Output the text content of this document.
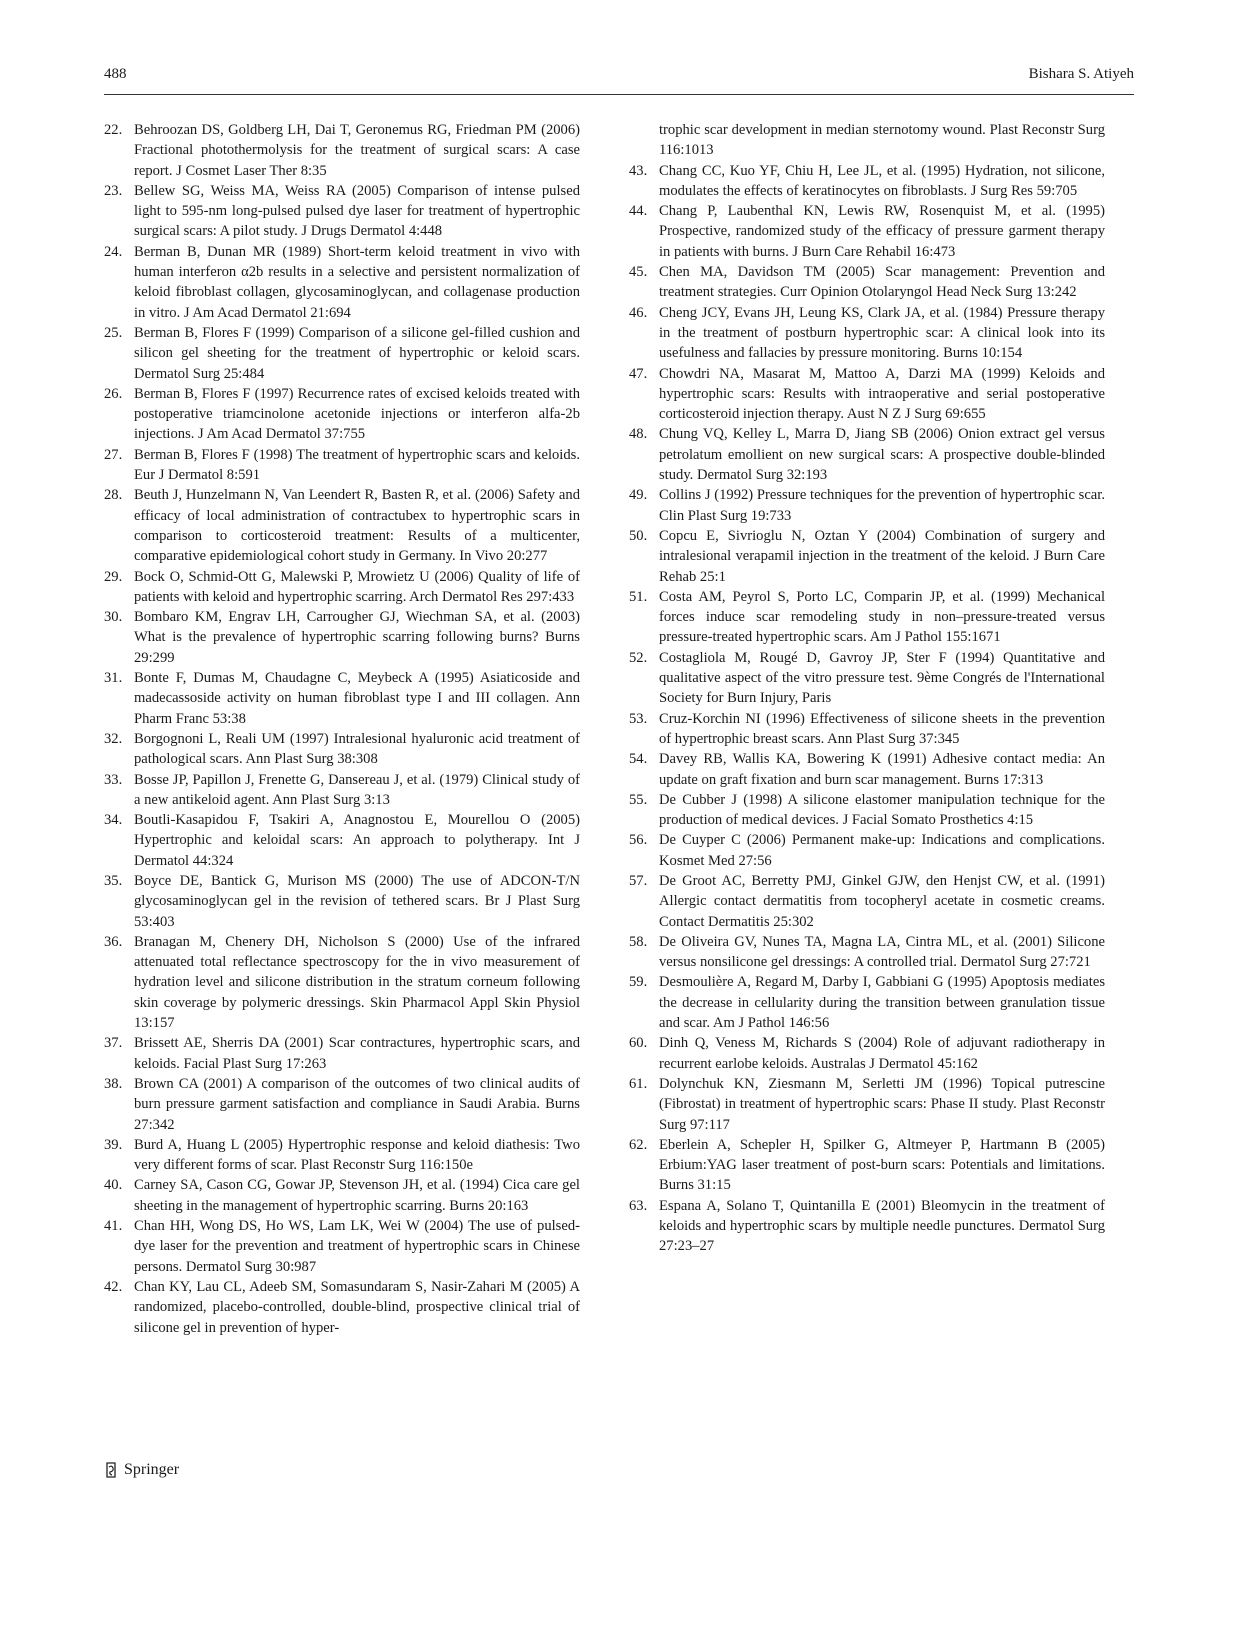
488	Bishara S. Atiyeh
22. Behroozan DS, Goldberg LH, Dai T, Geronemus RG, Friedman PM (2006) Fractional photothermolysis for the treatment of surgical scars: A case report. J Cosmet Laser Ther 8:35
23. Bellew SG, Weiss MA, Weiss RA (2005) Comparison of intense pulsed light to 595-nm long-pulsed pulsed dye laser for treatment of hypertrophic surgical scars: A pilot study. J Drugs Dermatol 4:448
24. Berman B, Dunan MR (1989) Short-term keloid treatment in vivo with human interferon α2b results in a selective and persistent normalization of keloid fibroblast collagen, glycosaminoglycan, and collagenase production in vitro. J Am Acad Dermatol 21:694
25. Berman B, Flores F (1999) Comparison of a silicone gel-filled cushion and silicon gel sheeting for the treatment of hypertrophic or keloid scars. Dermatol Surg 25:484
26. Berman B, Flores F (1997) Recurrence rates of excised keloids treated with postoperative triamcinolone acetonide injections or interferon alfa-2b injections. J Am Acad Dermatol 37:755
27. Berman B, Flores F (1998) The treatment of hypertrophic scars and keloids. Eur J Dermatol 8:591
28. Beuth J, Hunzelmann N, Van Leendert R, Basten R, et al. (2006) Safety and efficacy of local administration of contractubex to hypertrophic scars in comparison to corticosteroid treatment: Results of a multicenter, comparative epidemiological cohort study in Germany. In Vivo 20:277
29. Bock O, Schmid-Ott G, Malewski P, Mrowietz U (2006) Quality of life of patients with keloid and hypertrophic scarring. Arch Dermatol Res 297:433
30. Bombaro KM, Engrav LH, Carrougher GJ, Wiechman SA, et al. (2003) What is the prevalence of hypertrophic scarring following burns? Burns 29:299
31. Bonte F, Dumas M, Chaudagne C, Meybeck A (1995) Asiaticoside and madecassoside activity on human fibroblast type I and III collagen. Ann Pharm Franc 53:38
32. Borgognoni L, Reali UM (1997) Intralesional hyaluronic acid treatment of pathological scars. Ann Plast Surg 38:308
33. Bosse JP, Papillon J, Frenette G, Dansereau J, et al. (1979) Clinical study of a new antikeloid agent. Ann Plast Surg 3:13
34. Boutli-Kasapidou F, Tsakiri A, Anagnostou E, Mourellou O (2005) Hypertrophic and keloidal scars: An approach to polytherapy. Int J Dermatol 44:324
35. Boyce DE, Bantick G, Murison MS (2000) The use of ADCON-T/N glycosaminoglycan gel in the revision of tethered scars. Br J Plast Surg 53:403
36. Branagan M, Chenery DH, Nicholson S (2000) Use of the infrared attenuated total reflectance spectroscopy for the in vivo measurement of hydration level and silicone distribution in the stratum corneum following skin coverage by polymeric dressings. Skin Pharmacol Appl Skin Physiol 13:157
37. Brissett AE, Sherris DA (2001) Scar contractures, hypertrophic scars, and keloids. Facial Plast Surg 17:263
38. Brown CA (2001) A comparison of the outcomes of two clinical audits of burn pressure garment satisfaction and compliance in Saudi Arabia. Burns 27:342
39. Burd A, Huang L (2005) Hypertrophic response and keloid diathesis: Two very different forms of scar. Plast Reconstr Surg 116:150e
40. Carney SA, Cason CG, Gowar JP, Stevenson JH, et al. (1994) Cica care gel sheeting in the management of hypertrophic scarring. Burns 20:163
41. Chan HH, Wong DS, Ho WS, Lam LK, Wei W (2004) The use of pulsed-dye laser for the prevention and treatment of hypertrophic scars in Chinese persons. Dermatol Surg 30:987
42. Chan KY, Lau CL, Adeeb SM, Somasundaram S, Nasir-Zahari M (2005) A randomized, placebo-controlled, double-blind, prospective clinical trial of silicone gel in prevention of hyper-
trophic scar development in median sternotomy wound. Plast Reconstr Surg 116:1013
43. Chang CC, Kuo YF, Chiu H, Lee JL, et al. (1995) Hydration, not silicone, modulates the effects of keratinocytes on fibroblasts. J Surg Res 59:705
44. Chang P, Laubenthal KN, Lewis RW, Rosenquist M, et al. (1995) Prospective, randomized study of the efficacy of pressure garment therapy in patients with burns. J Burn Care Rehabil 16:473
45. Chen MA, Davidson TM (2005) Scar management: Prevention and treatment strategies. Curr Opinion Otolaryngol Head Neck Surg 13:242
46. Cheng JCY, Evans JH, Leung KS, Clark JA, et al. (1984) Pressure therapy in the treatment of postburn hypertrophic scar: A clinical look into its usefulness and fallacies by pressure monitoring. Burns 10:154
47. Chowdri NA, Masarat M, Mattoo A, Darzi MA (1999) Keloids and hypertrophic scars: Results with intraoperative and serial postoperative corticosteroid injection therapy. Aust N Z J Surg 69:655
48. Chung VQ, Kelley L, Marra D, Jiang SB (2006) Onion extract gel versus petrolatum emollient on new surgical scars: A prospective double-blinded study. Dermatol Surg 32:193
49. Collins J (1992) Pressure techniques for the prevention of hypertrophic scar. Clin Plast Surg 19:733
50. Copcu E, Sivrioglu N, Oztan Y (2004) Combination of surgery and intralesional verapamil injection in the treatment of the keloid. J Burn Care Rehab 25:1
51. Costa AM, Peyrol S, Porto LC, Comparin JP, et al. (1999) Mechanical forces induce scar remodeling study in non–pressure-treated versus pressure-treated hypertrophic scars. Am J Pathol 155:1671
52. Costagliola M, Rougé D, Gavroy JP, Ster F (1994) Quantitative and qualitative aspect of the vitro pressure test. 9ème Congrés de l'International Society for Burn Injury, Paris
53. Cruz-Korchin NI (1996) Effectiveness of silicone sheets in the prevention of hypertrophic breast scars. Ann Plast Surg 37:345
54. Davey RB, Wallis KA, Bowering K (1991) Adhesive contact media: An update on graft fixation and burn scar management. Burns 17:313
55. De Cubber J (1998) A silicone elastomer manipulation technique for the production of medical devices. J Facial Somato Prosthetics 4:15
56. De Cuyper C (2006) Permanent make-up: Indications and complications. Kosmet Med 27:56
57. De Groot AC, Berretty PMJ, Ginkel GJW, den Henjst CW, et al. (1991) Allergic contact dermatitis from tocopheryl acetate in cosmetic creams. Contact Dermatitis 25:302
58. De Oliveira GV, Nunes TA, Magna LA, Cintra ML, et al. (2001) Silicone versus nonsilicone gel dressings: A controlled trial. Dermatol Surg 27:721
59. Desmoulière A, Regard M, Darby I, Gabbiani G (1995) Apoptosis mediates the decrease in cellularity during the transition between granulation tissue and scar. Am J Pathol 146:56
60. Dinh Q, Veness M, Richards S (2004) Role of adjuvant radiotherapy in recurrent earlobe keloids. Australas J Dermatol 45:162
61. Dolynchuk KN, Ziesmann M, Serletti JM (1996) Topical putrescine (Fibrostat) in treatment of hypertrophic scars: Phase II study. Plast Reconstr Surg 97:117
62. Eberlein A, Schepler H, Spilker G, Altmeyer P, Hartmann B (2005) Erbium:YAG laser treatment of post-burn scars: Potentials and limitations. Burns 31:15
63. Espana A, Solano T, Quintanilla E (2001) Bleomycin in the treatment of keloids and hypertrophic scars by multiple needle punctures. Dermatol Surg 27:23–27
Springer
